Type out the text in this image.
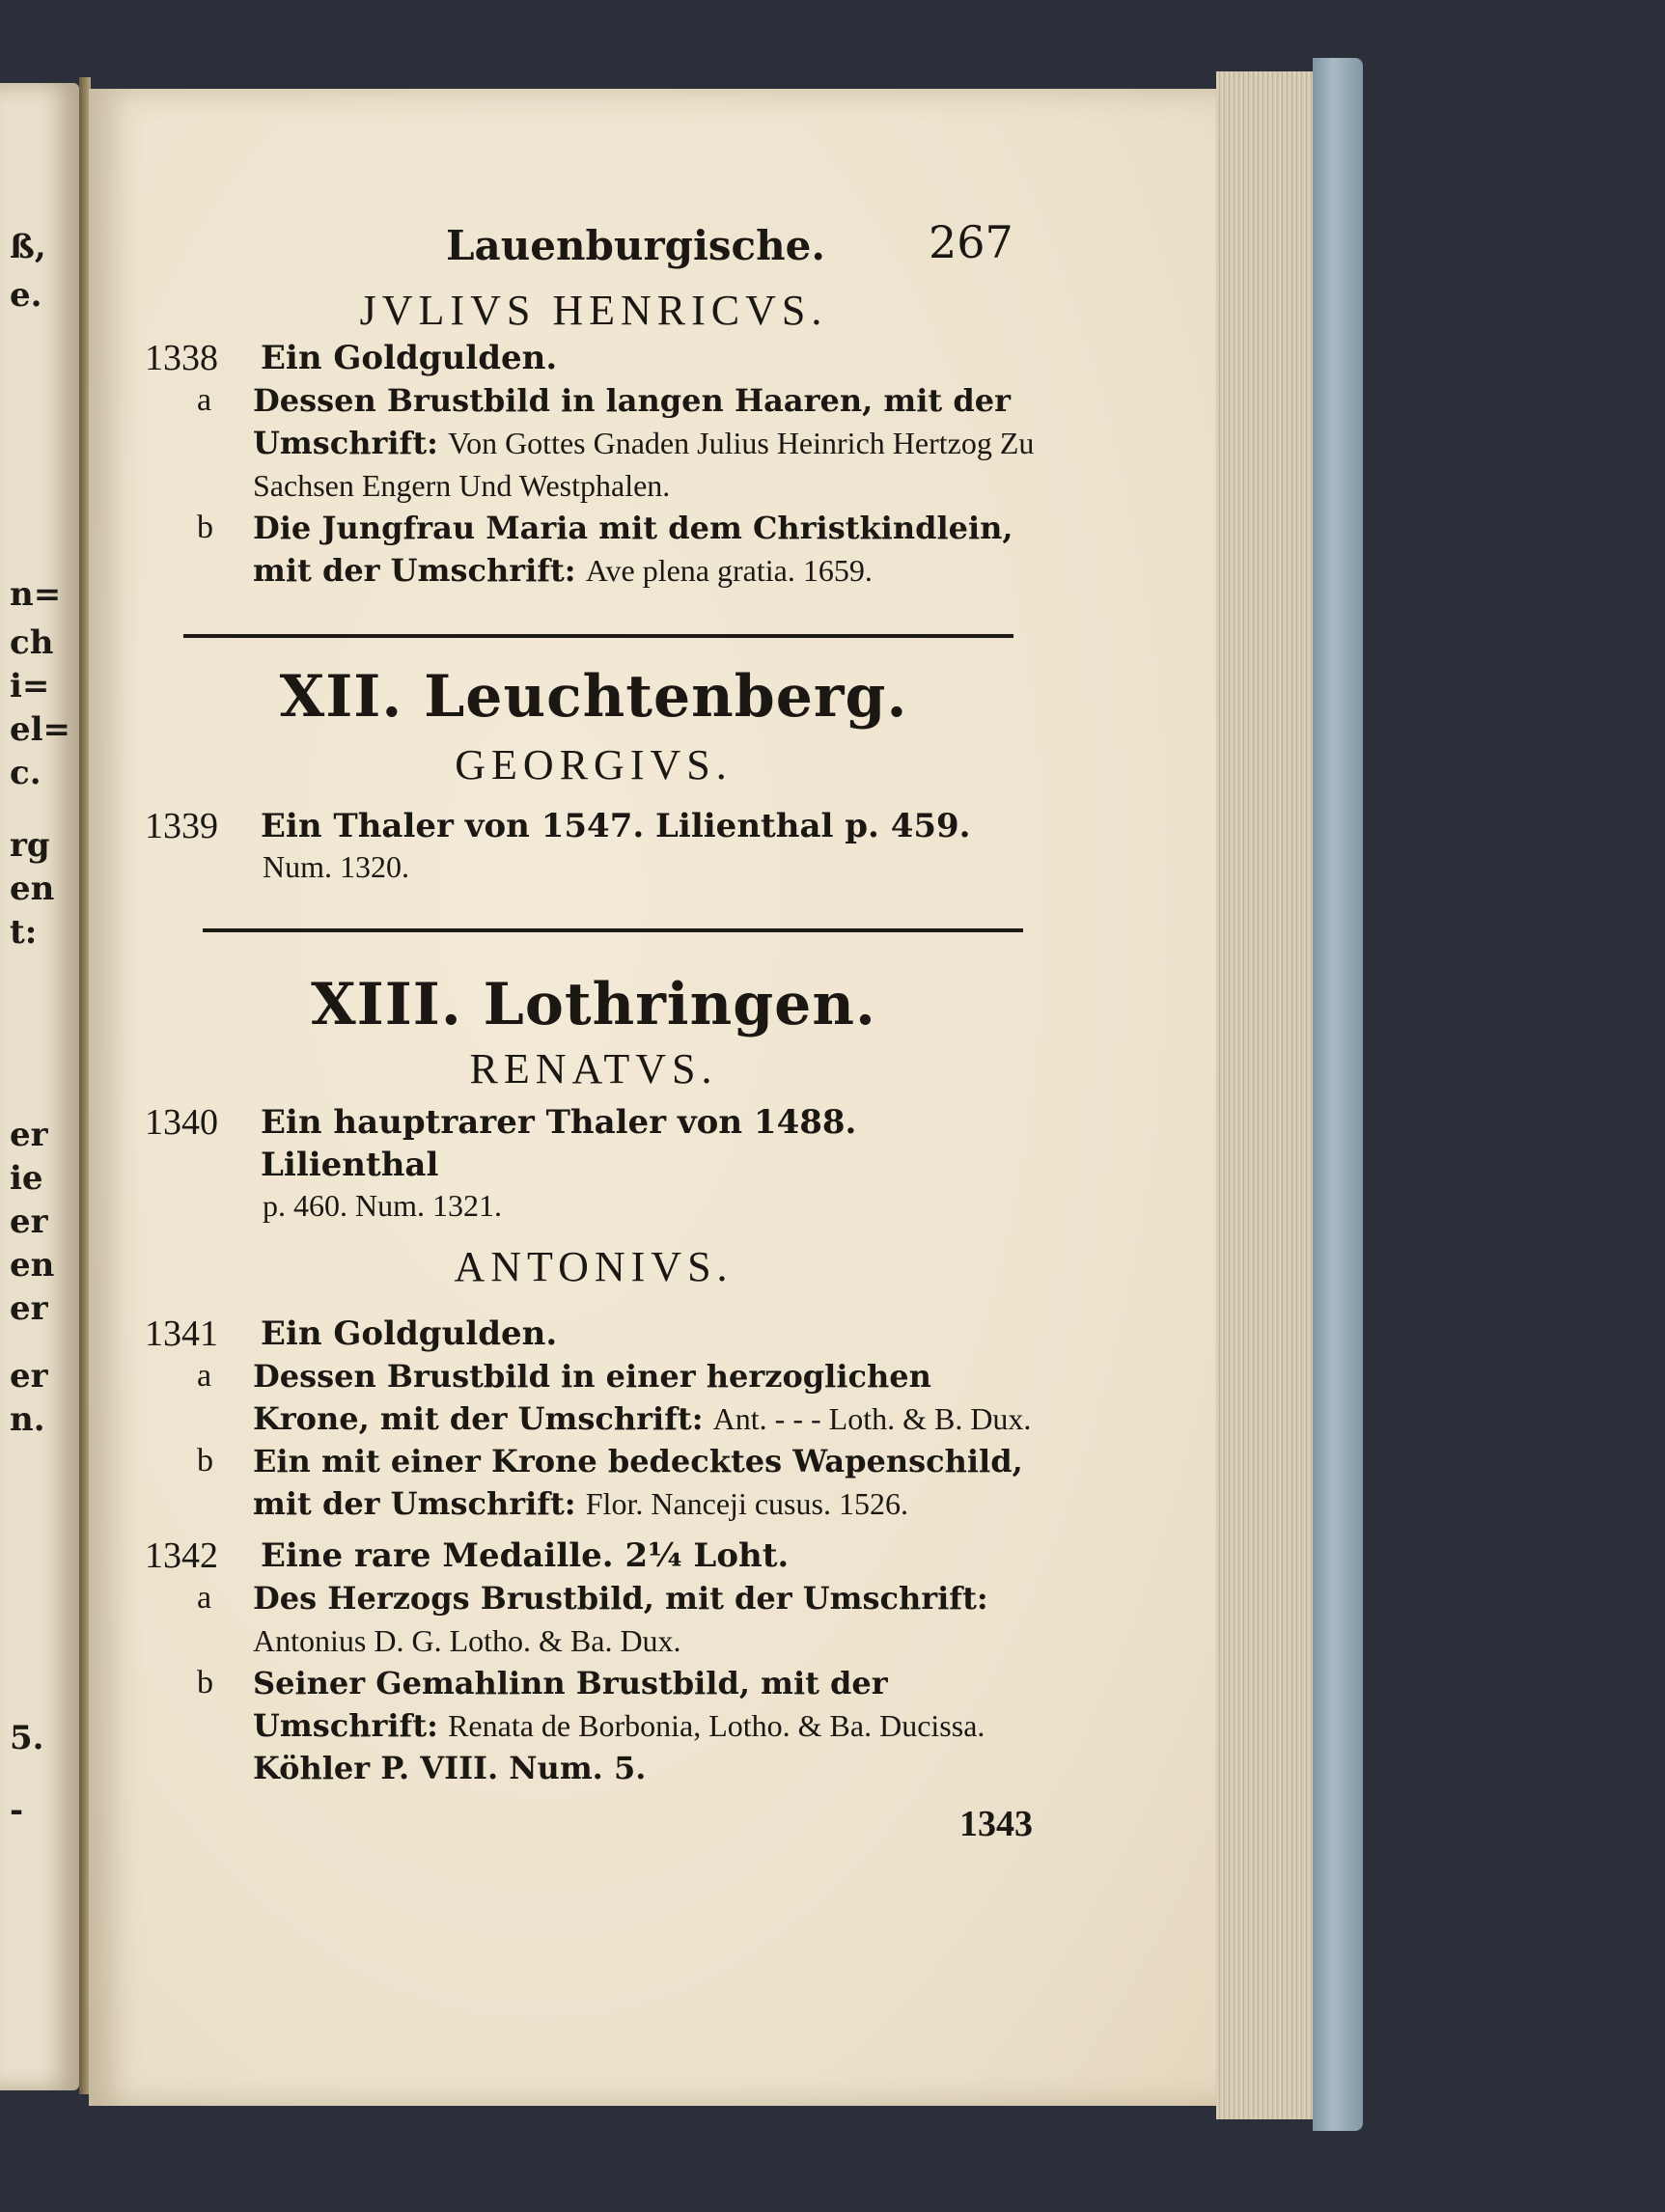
ß,
e.
n=
ch
i=
el=
c.
rg
en
t:
er
ie
er
en
er
er
n.
5.
-
Lauenburgische. 267
JVLIVS HENRICVS.
1338	Ein Goldgulden.
a Dessen Brustbild in langen Haaren, mit der Umschrift: Von Gottes Gnaden Julius Heinrich Hertzog Zu Sachsen Engern Und Westphalen.
b Die Jungfrau Maria mit dem Christkindlein, mit der Umschrift: Ave plena gratia. 1659.
XII. Leuchtenberg.
GEORGIVS.
1339	Ein Thaler von 1547. Lilienthal p. 459.
Num. 1320.
XIII. Lothringen.
RENATVS.
1340	Ein hauptrarer Thaler von 1488. Lilienthal
p. 460. Num. 1321.
ANTONIVS.
1341	Ein Goldgulden.
a Dessen Brustbild in einer herzoglichen Krone, mit der Umschrift: Ant. - - - Loth. & B. Dux.
b Ein mit einer Krone bedecktes Wapenschild, mit der Umschrift: Flor. Nanceji cusus. 1526.
1342	Eine rare Medaille. 2¼ Loht.
a Des Herzogs Brustbild, mit der Umschrift: Antonius D. G. Lotho. & Ba. Dux.
b Seiner Gemahlinn Brustbild, mit der Umschrift: Renata de Borbonia, Lotho. & Ba. Ducissa. Köhler P. VIII. Num. 5.
1343
